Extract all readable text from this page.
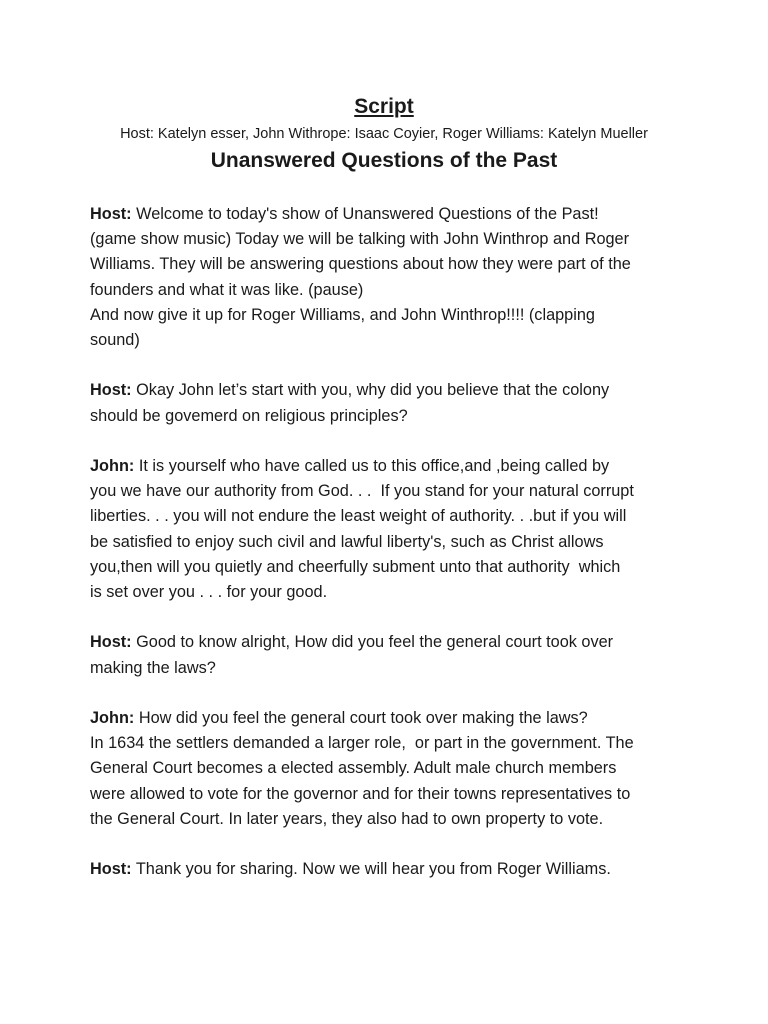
Script
Host: Katelyn esser, John Withrope: Isaac Coyier, Roger Williams: Katelyn Mueller
Unanswered Questions of the Past
Host: Welcome to today's show of Unanswered Questions of the Past!
(game show music) Today we will be talking with John Winthrop and Roger
Williams. They will be answering questions about how they were part of the
founders and what it was like. (pause)
And now give it up for Roger Williams, and John Winthrop!!!! (clapping
sound)
Host: Okay John let’s start with you, why did you believe that the colony
should be govemerd on religious principles?
John: It is yourself who have called us to this office,and ,being called by
you we have our authority from God. . .  If you stand for your natural corrupt
liberties. . . you will not endure the least weight of authority. . .but if you will
be satisfied to enjoy such civil and lawful liberty's, such as Christ allows
you,then will you quietly and cheerfully subment unto that authority  which
is set over you . . . for your good.
Host: Good to know alright, How did you feel the general court took over
making the laws?
John: How did you feel the general court took over making the laws?
In 1634 the settlers demanded a larger role,  or part in the government. The
General Court becomes a elected assembly. Adult male church members
were allowed to vote for the governor and for their towns representatives to
the General Court. In later years, they also had to own property to vote.
Host: Thank you for sharing. Now we will hear you from Roger Williams.
